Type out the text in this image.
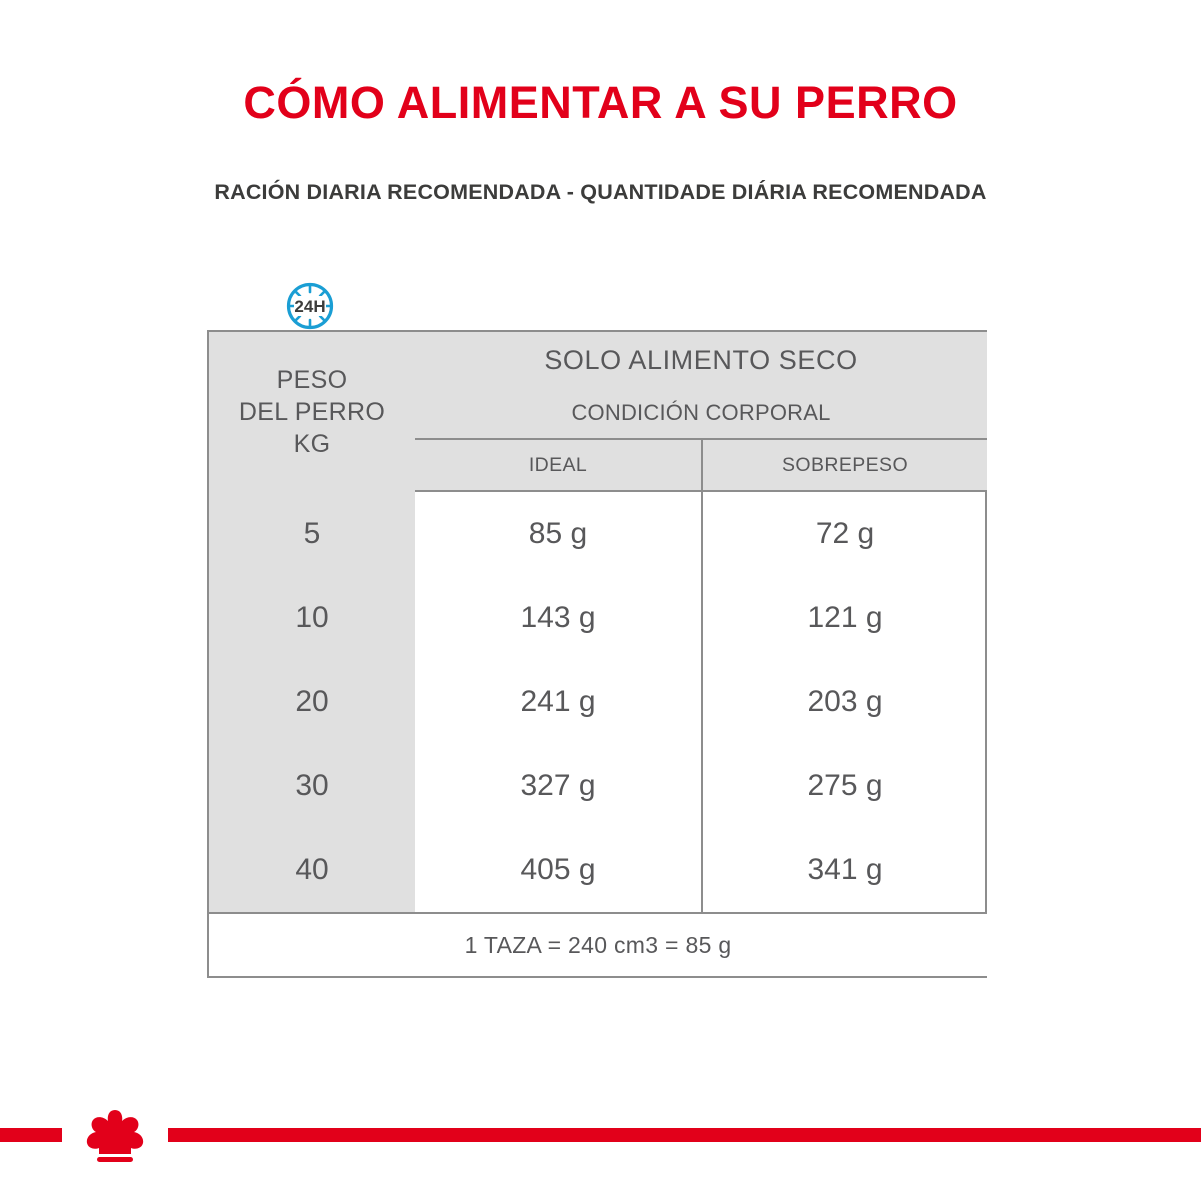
CÓMO ALIMENTAR A SU PERRO
RACIÓN DIARIA RECOMENDADA - QUANTIDADE DIÁRIA RECOMENDADA
24H
PESO
DEL PERRO
KG	SOLO ALIMENTO SECO	
	CONDICIÓN CORPORAL	
	IDEAL	SOBREPESO
5	85 g	72 g
10	143 g	121 g
20	241 g	203 g
30	327 g	275 g
40	405 g	341 g
1 TAZA = 240 cm3 = 85 g		
